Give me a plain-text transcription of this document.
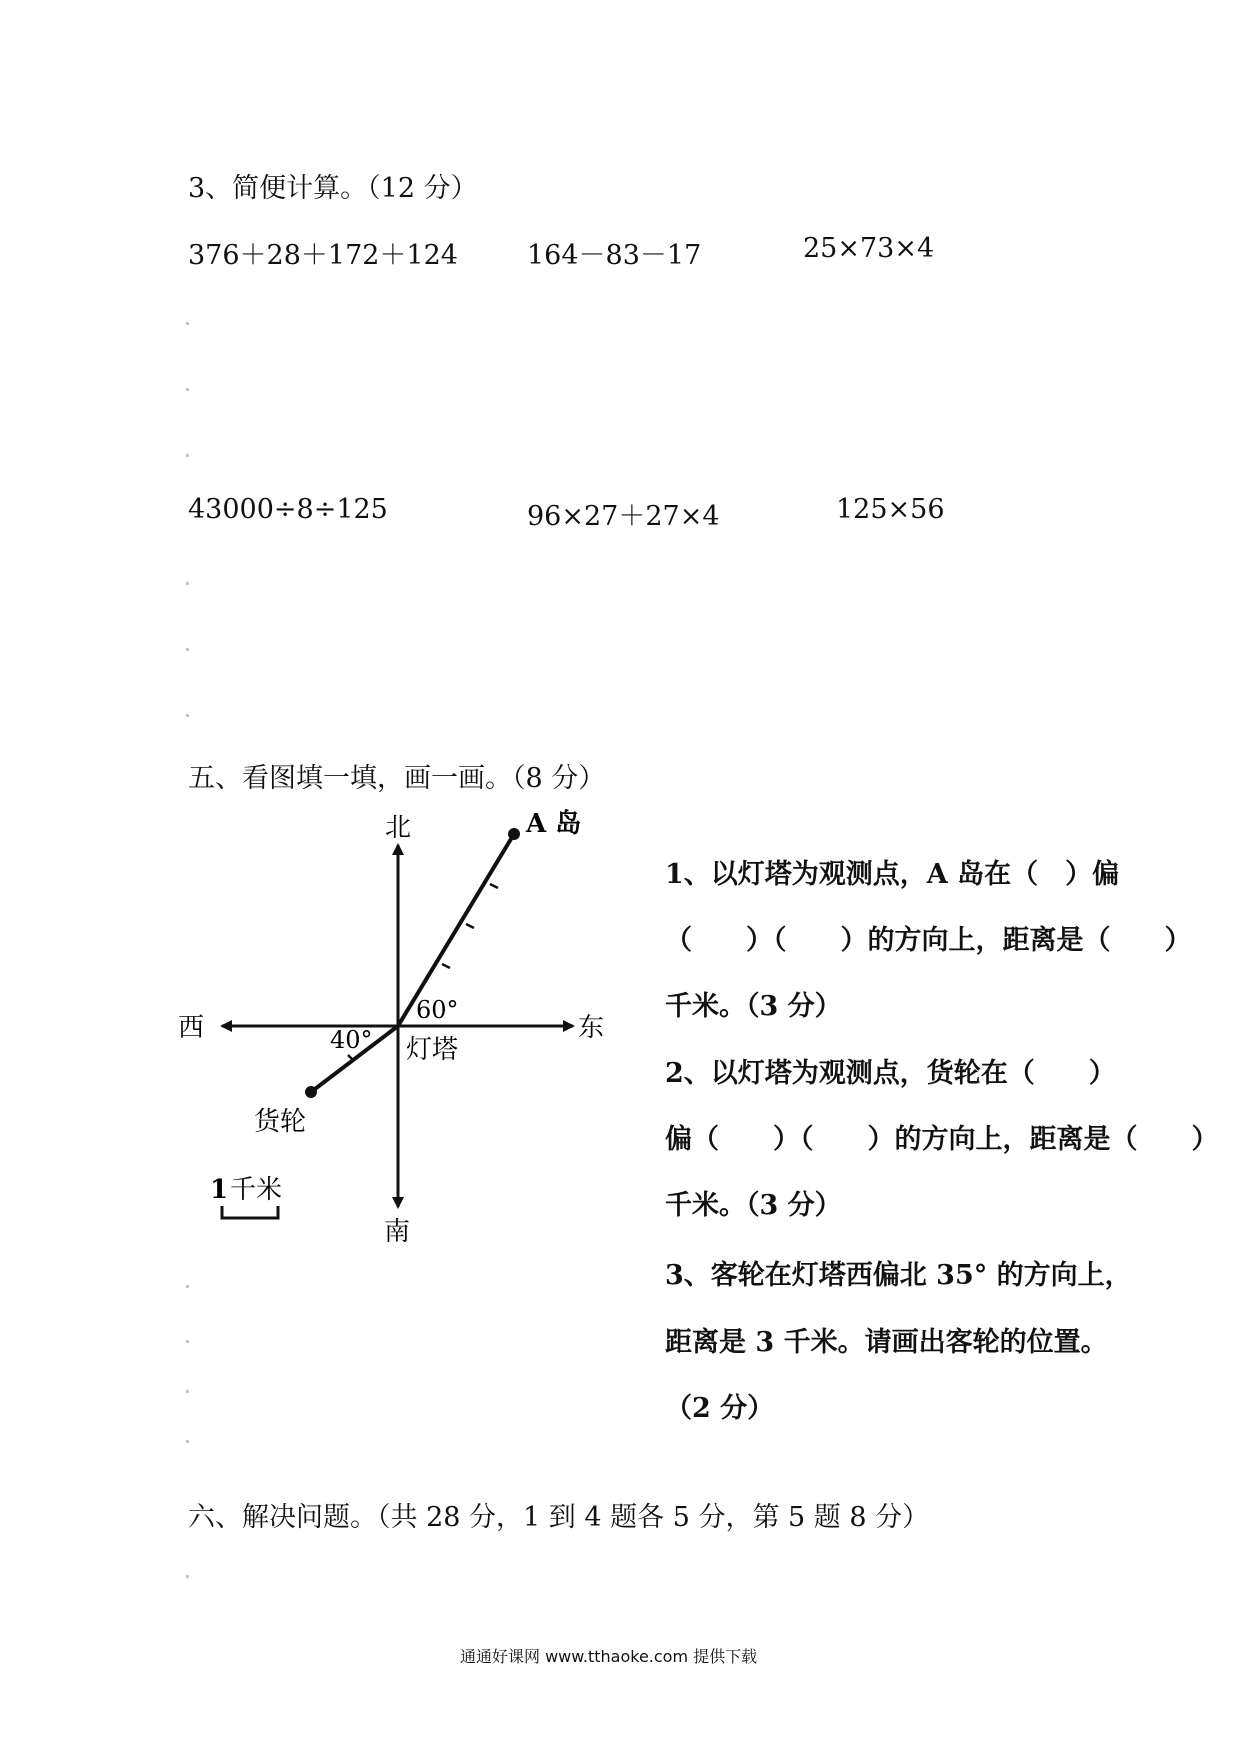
3、简便计算。（12 分）
376＋28＋172＋124	164－83－17	25×73×4
43000÷8÷125	96×27＋27×4	125×56
五、看图填一填，画一画。（8 分）
北
南
东
西
A 岛
货轮
灯塔
60°
40°
1 千米
1、以灯塔为观测点，A 岛在（　）偏
（　　）（　　）的方向上，距离是（　　）
千米。（3 分）
2、以灯塔为观测点，货轮在（　　）
偏（　　）（　　）的方向上，距离是（　　）
千米。（3 分）
3、客轮在灯塔西偏北 35° 的方向上，
距离是 3 千米。请画出客轮的位置。
（2 分）
六、解决问题。（共 28 分，1 到 4 题各 5 分，第 5 题 8 分）
通通好课网 www.tthaoke.com 提供下载
